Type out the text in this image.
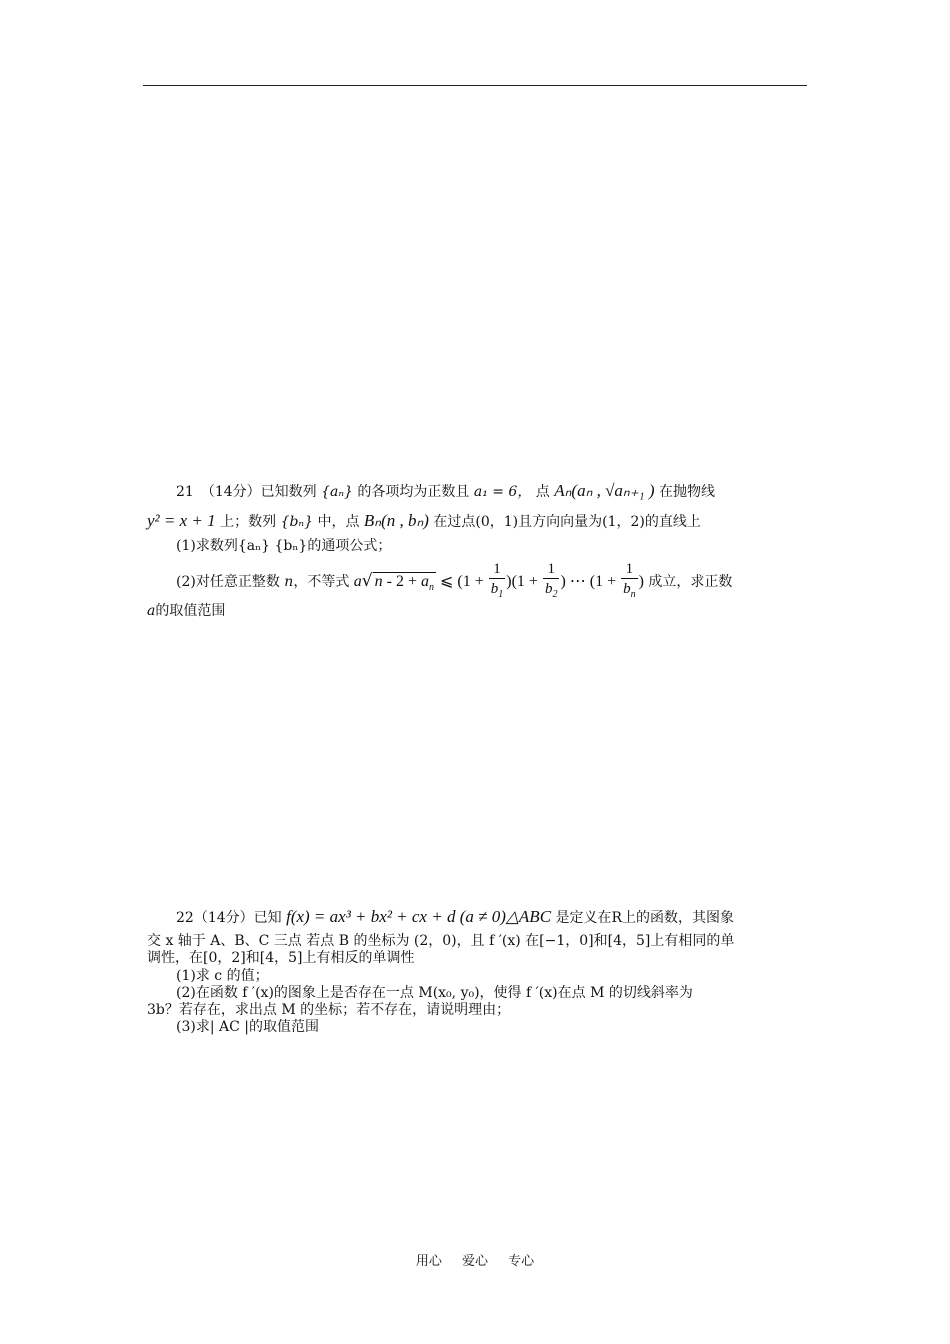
21　（14分）已知数列 {aₙ} 的各项均为正数且 a₁ = 6， 点 Aₙ(aₙ , √aₙ₊₁ ) 在抛物线
y² = x + 1 上；数列 {bₙ} 中，点 Bₙ(n , bₙ) 在过点(0，1)且方向向量为(1，2)的直线上
(1)求数列{aₙ} {bₙ}的通项公式；
(2)对任意正整数 n，不等式 a√ $n - 2 + a_n$ ⩽ $(1 + \frac{1}{b_1} )(1 + \frac{1}{b_2}$ ) ⋯ ($1 + \frac{1}{b_n}$ ) 成立，求正数
a的取值范围
22（14分）已知 f(x) = ax³ + bx² + cx + d (a ≠ 0)△ABC 是定义在R上的函数，其图象
交 x 轴于 A、B、C 三点 若点 B 的坐标为 (2，0)，且 f ′(x) 在[−1，0]和[4，5]上有相同的单
调性，在[0，2]和[4，5]上有相反的单调性
(1)求 c 的值；
(2)在函数 f ′(x)的图象上是否存在一点 M(x₀, y₀)，使得 f ′(x)在点 M 的切线斜率为
3b？若存在，求出点 M 的坐标；若不存在，请说明理由；
(3)求| AC |的取值范围
用心 爱心 专心
